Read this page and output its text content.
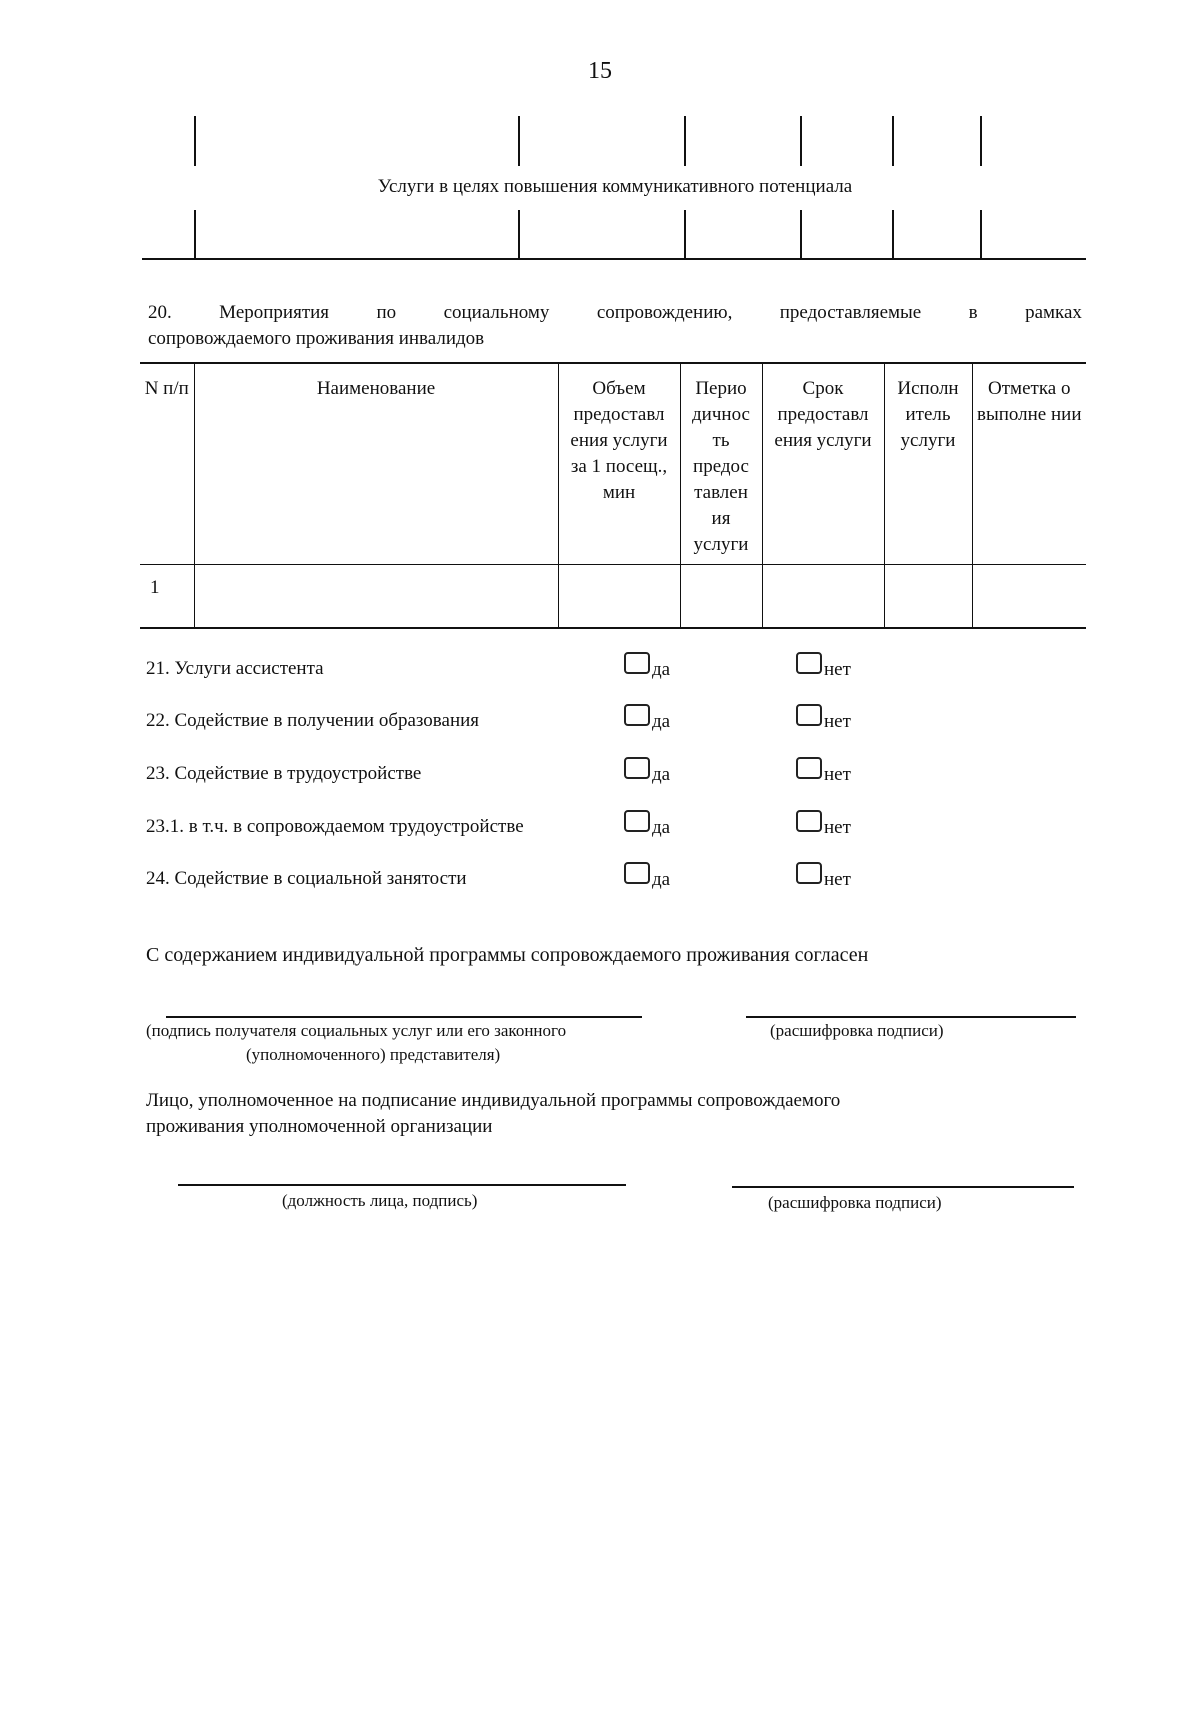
15
Услуги в целях повышения коммуникативного потенциала
20. Мероприятия по социальному сопровождению, предоставляемые в рамках
сопровождаемого проживания инвалидов
N п/п	Наименование	Объем предоставл ения услуги за 1 посещ., мин	Перио дичнос ть предос тавлен ия услуги	Срок предоставл ения услуги	Исполн итель услуги	Отметка о выполне нии
1						
21. Услуги ассистента	да	нет
22. Содействие в получении образования	да	нет
23. Содействие в трудоустройстве	да	нет
23.1. в т.ч. в сопровождаемом трудоустройстве	да	нет
24. Содействие в социальной занятости	да	нет
С содержанием индивидуальной программы сопровождаемого проживания согласен
(подпись получателя социальных услуг или его законного
(уполномоченного) представителя)
(расшифровка подписи)
Лицо, уполномоченное на подписание индивидуальной программы сопровождаемого
проживания уполномоченной организации
(должность лица, подпись)	(расшифровка подписи)
